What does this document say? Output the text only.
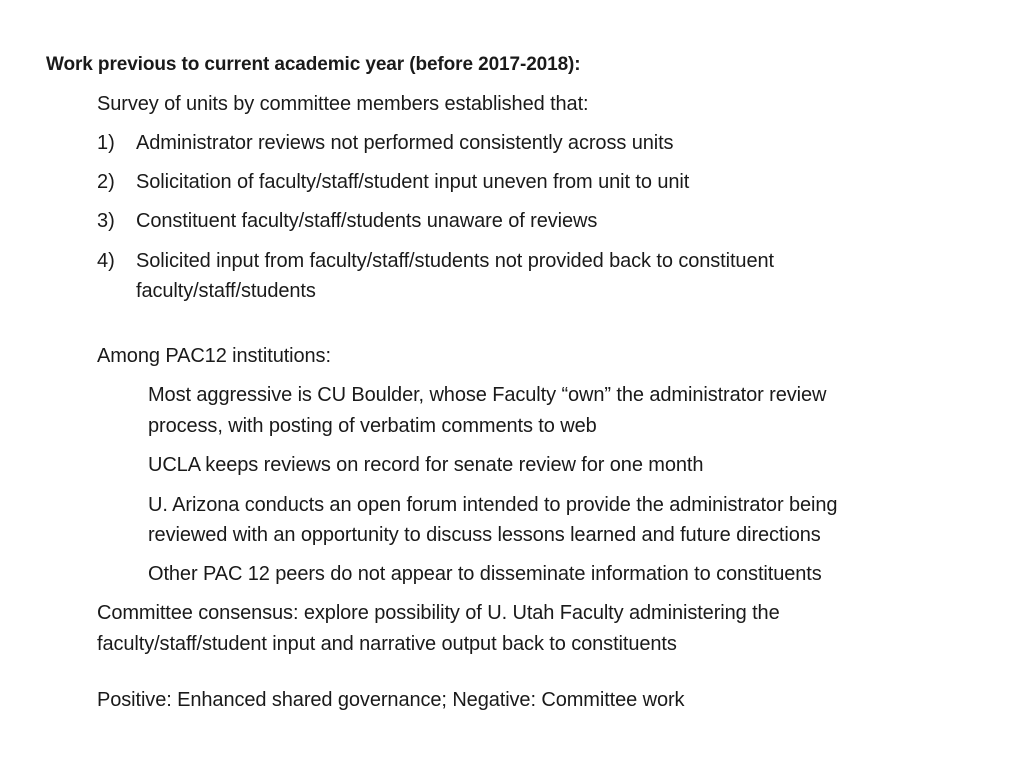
Work previous to current academic year (before 2017-2018):
Survey of units by committee members established that:
1) Administrator reviews not performed consistently across units
2) Solicitation of faculty/staff/student input uneven from unit to unit
3) Constituent faculty/staff/students unaware of reviews
4) Solicited input from faculty/staff/students not provided back to constituent
faculty/staff/students
Among PAC12 institutions:
Most aggressive is CU Boulder, whose Faculty “own” the administrator review
process, with posting of verbatim comments to web
UCLA keeps reviews on record for senate review for one month
U. Arizona conducts an open forum intended to provide the administrator being
reviewed with an opportunity to discuss lessons learned and future directions
Other PAC 12 peers do not appear to disseminate information to constituents
Committee consensus: explore possibility of U. Utah Faculty administering the
faculty/staff/student input and narrative output back to constituents
Positive: Enhanced shared governance; Negative: Committee work
